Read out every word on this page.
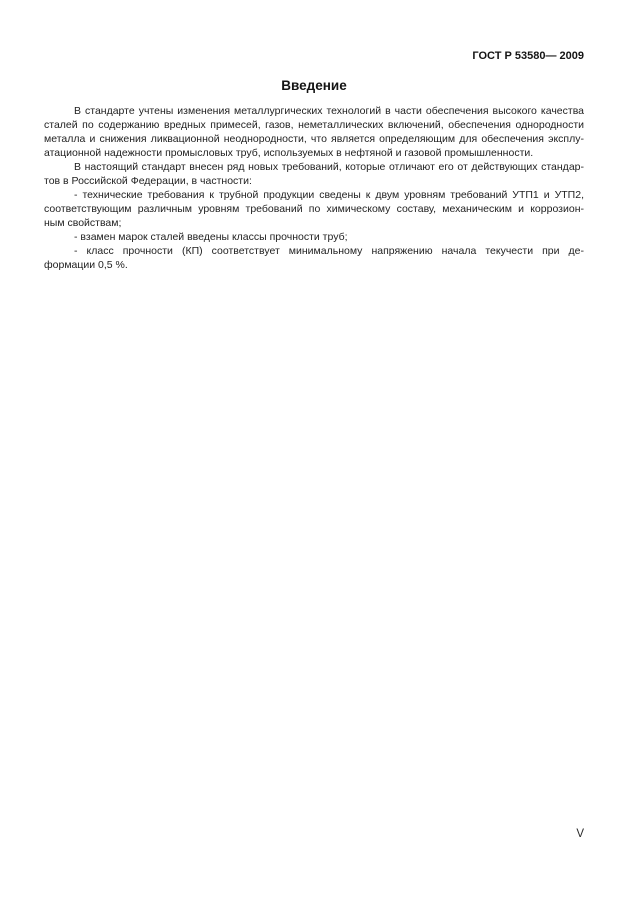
ГОСТ Р 53580— 2009
Введение
В стандарте учтены изменения металлургических технологий в части обеспечения высокого качества
сталей по содержанию вредных примесей, газов, неметаллических включений, обеспечения однородности
металла и снижения ликвационной неоднородности, что является определяющим для обеспечения эксплу-
атационной надежности промысловых труб, используемых в нефтяной и газовой промышленности.
В настоящий стандарт внесен ряд новых требований, которые отличают его от действующих стандар-
тов в Российской Федерации, в частности:
- технические требования к трубной продукции сведены к двум уровням требований УТП1 и УТП2,
соответствующим различным уровням требований по химическому составу, механическим и коррозион-
ным свойствам;
- взамен марок сталей введены классы прочности труб;
- класс прочности (КП) соответствует минимальному напряжению начала текучести при де-
формации 0,5 %.
V
